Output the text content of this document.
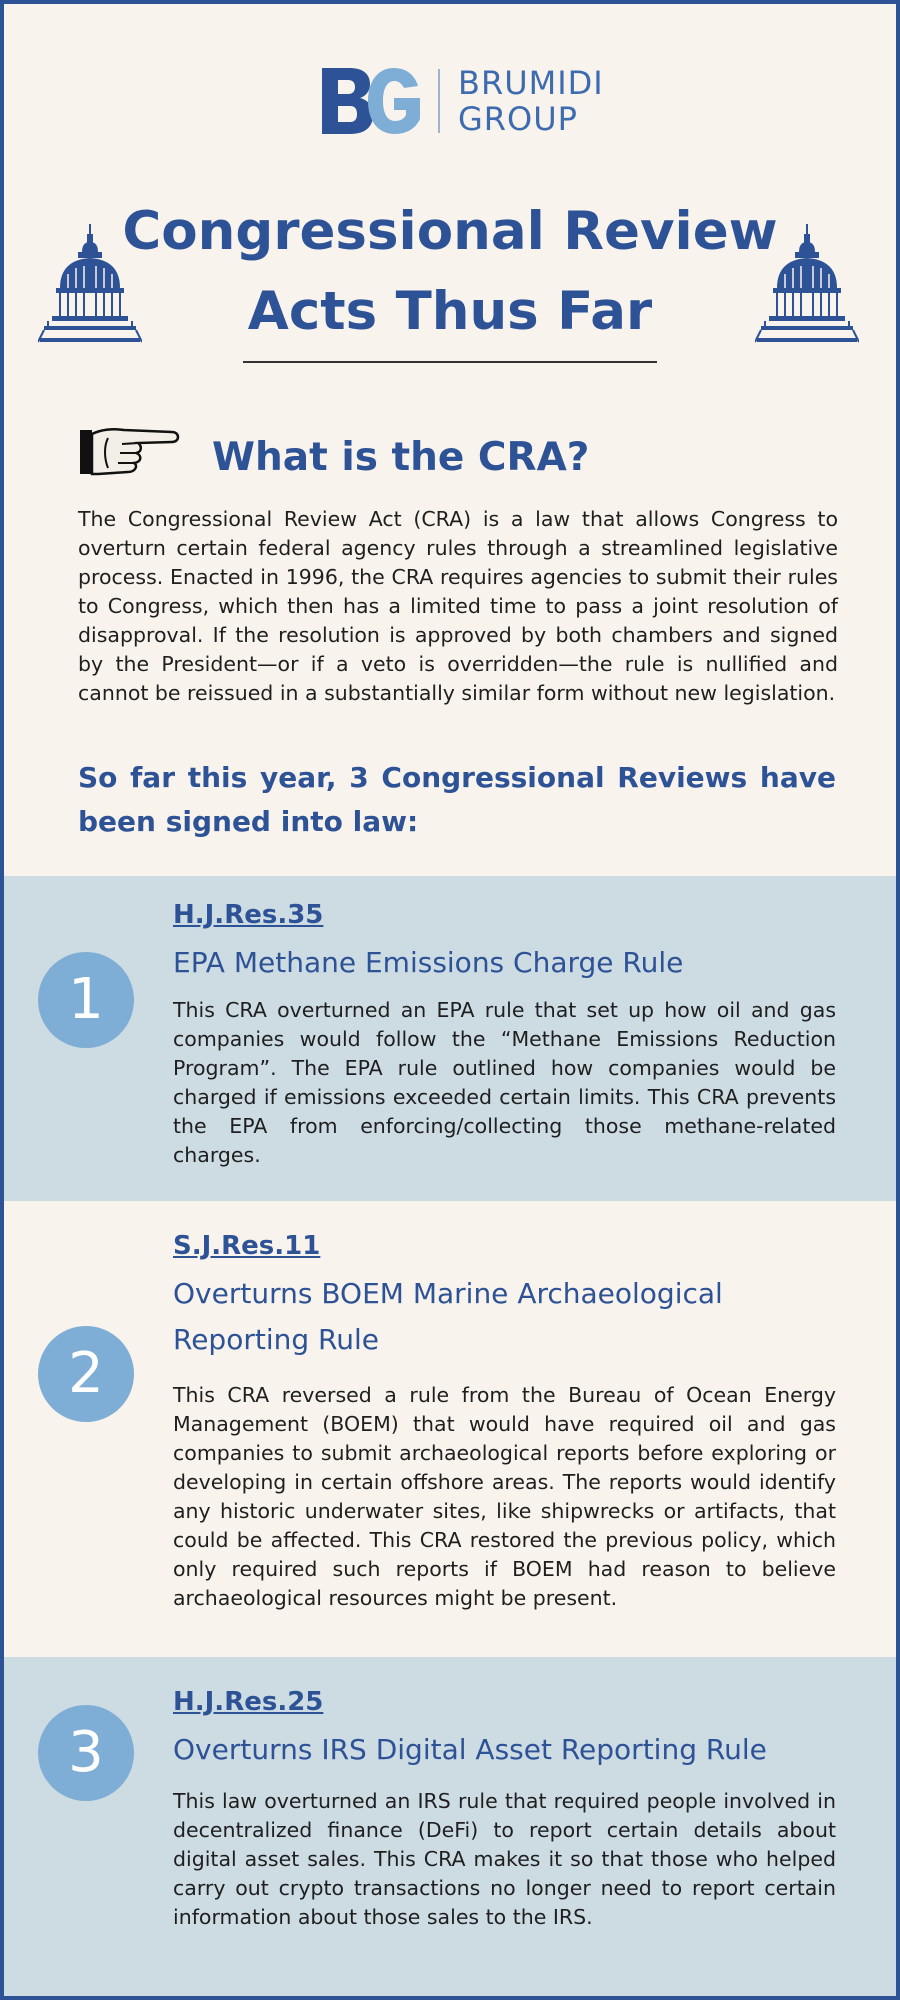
BRUMIDI
GROUP
Congressional Review
Acts Thus Far
What is the CRA?

The Congressional Review Act (CRA) is a law that allows Congress to overturn certain federal agency rules through a streamlined legislative process. Enacted in 1996, the CRA requires agencies to submit their rules to Congress, which then has a limited time to pass a joint resolution of disapproval. If the resolution is approved by both chambers and signed by the President—or if a veto is overridden—the rule is nullified and cannot be reissued in a substantially similar form without new legislation.

So far this year, 3 Congressional Reviews have been signed into law:
1
H.J.Res.35
EPA Methane Emissions Charge Rule

This CRA overturned an EPA rule that set up how oil and gas companies would follow the “Methane Emissions Reduction Program”. The EPA rule outlined how companies would be charged if emissions exceeded certain limits. This CRA prevents the EPA from enforcing/collecting those methane-related charges.

2
S.J.Res.11
Overturns BOEM Marine Archaeological Reporting Rule

This CRA reversed a rule from the Bureau of Ocean Energy Management (BOEM) that would have required oil and gas companies to submit archaeological reports before exploring or developing in certain offshore areas. The reports would identify any historic underwater sites, like shipwrecks or artifacts, that could be affected. This CRA restored the previous policy, which only required such reports if BOEM had reason to believe archaeological resources might be present.

3
H.J.Res.25
Overturns IRS Digital Asset Reporting Rule

This law overturned an IRS rule that required people involved in decentralized finance (DeFi) to report certain details about digital asset sales. This CRA makes it so that those who helped carry out crypto transactions no longer need to report certain information about those sales to the IRS.
